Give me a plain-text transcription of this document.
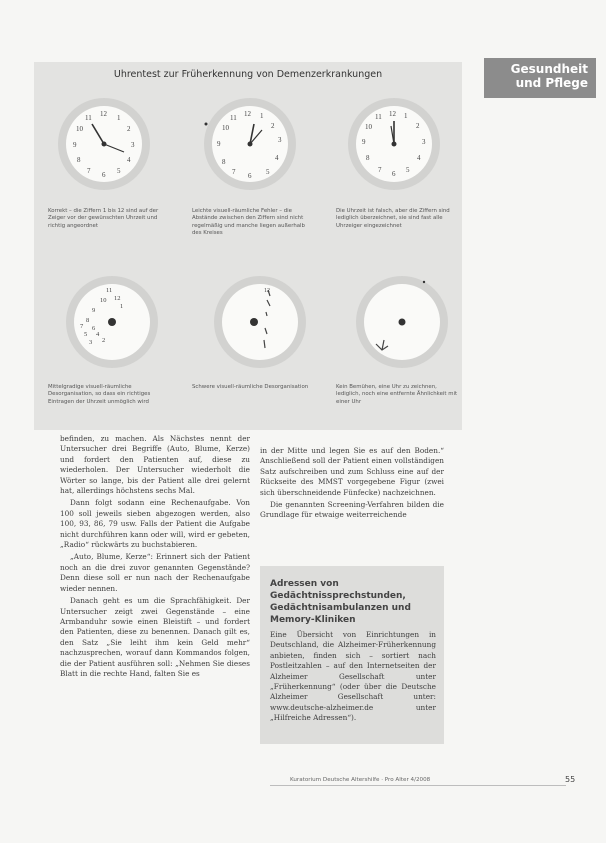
Gesundheit und Pflege
Uhrentest zur Früherkennung von Demenzerkrankungen
12 1
2
3
4
5
6
7
8
9
10
11	12 1
2
3
4
5
6
7
8
9
10
11	12 1
2
3
4
5
6
7
8
9
10
11
Korrekt – die Ziffern 1 bis 12 sind auf der Zeiger vor der gewünschten Uhrzeit und richtig angeordnet
Leichte visuell-räumliche Fehler – die Abstände zwischen den Ziffern sind nicht regelmäßig und manche liegen außerhalb des Kreises
Die Uhrzeit ist falsch, aber die Ziffern sind lediglich überzeichnet, sie sind fast alle Uhrzeiger eingezeichnet
11
12
10
1
9
8
7 6
5 4
3 2
12
Mittelgradige visuell-räumliche Desorganisation, so dass ein richtiges Eintragen der Uhrzeit unmöglich wird
Schwere visuell-räumliche Desorganisation	Kein Bemühen, eine Uhr zu zeichnen, lediglich, noch eine entfernte Ähnlichkeit mit einer Uhr

befinden, zu machen. Als Nächstes nennt der Untersucher drei Begriffe (Auto, Blume, Kerze) und fordert den Patienten auf, diese zu wiederholen. Der Untersucher wiederholt die Wörter so lange, bis der Patient alle drei gelernt hat, allerdings höchstens sechs Mal.

Dann folgt sodann eine Rechenaufgabe. Von 100 soll jeweils sieben abgezogen werden, also 100, 93, 86, 79 usw. Falls der Patient die Aufgabe nicht durchführen kann oder will, wird er gebeten, „Radio“ rückwärts zu buchstabieren.

„Auto, Blume, Kerze“: Erinnert sich der Patient noch an die drei zuvor genannten Gegenstände? Denn diese soll er nun nach der Rechenaufgabe wieder nennen.

Danach geht es um die Sprachfähigkeit. Der Untersucher zeigt zwei Gegenstände – eine Armbanduhr sowie einen Bleistift – und fordert den Patienten, diese zu benennen. Danach gilt es, den Satz „Sie leiht ihm kein Geld mehr“ nachzusprechen, worauf dann Kommandos folgen, die der Patient ausführen soll: „Nehmen Sie dieses Blatt in die rechte Hand, falten Sie es

in der Mitte und legen Sie es auf den Boden.“ Anschließend soll der Patient einen vollständigen Satz aufschreiben und zum Schluss eine auf der Rückseite des MMST vorgegebene Figur (zwei sich überschneidende Fünfecke) nachzeichnen.

Die genannten Screening-Verfahren bilden die Grundlage für etwaige weiterreichende

Adressen von Gedächtnissprechstunden, Gedächtnisambulanzen und Memory-Kliniken
Eine Übersicht von Einrichtungen in Deutschland, die Alzheimer-Früherkennung anbieten, finden sich – sortiert nach Postleitzahlen – auf den Internetseiten der Alzheimer Gesellschaft unter „Früherkennung“ (oder über die Deutsche Alzheimer Gesellschaft unter: www.deutsche-alzheimer.de unter „Hilfreiche Adressen“).
Kuratorium Deutsche Altershilfe · Pro Alter 4/2008	55
